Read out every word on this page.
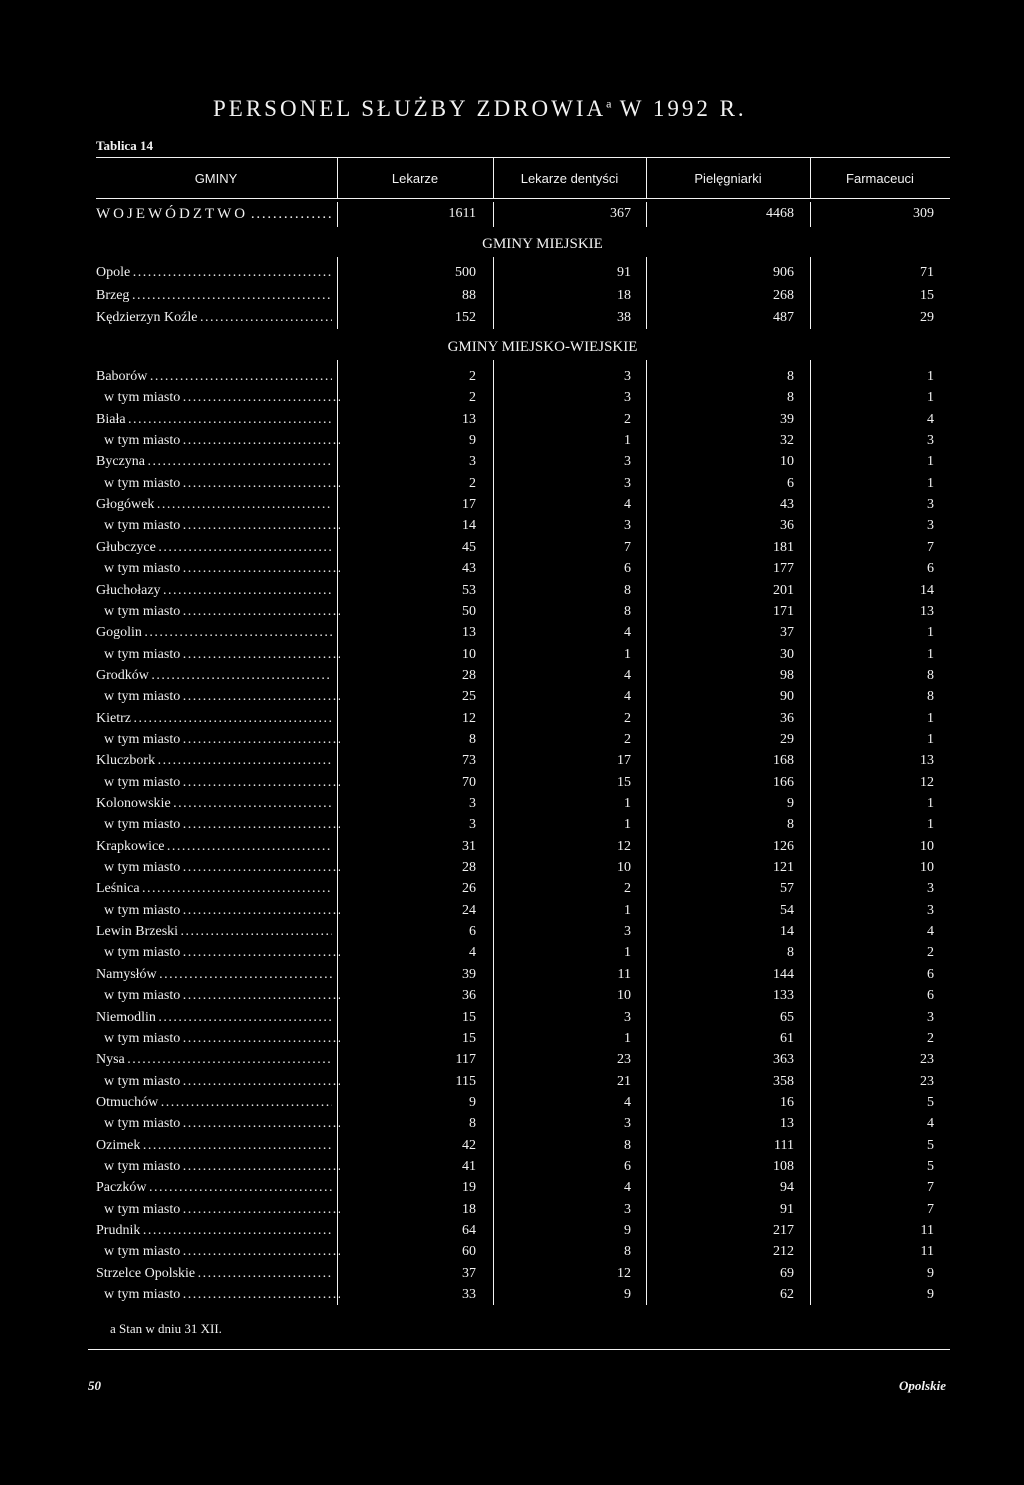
PERSONEL SŁUŻBY ZDROWIA$^a$ W 1992 R.
Tablica 14
GMINY	Lekarze	Lekarze dentyści	Pielęgniarki	Farmaceuci
WOJEWÓDZTWO . . .	1611	367	4468	309
GMINY MIEJSKIE
Opole . . .	500	91	906	71
Brzeg . . .	88	18	268	15
Kędzierzyn Koźle . . .	152	38	487	29
GMINY MIEJSKO-WIEJSKIE
Baborów . . .	2	3	8	1
w tym miasto . . .	2	3	8	1
Biała . . .	13	2	39	4
w tym miasto . . .	9	1	32	3
Byczyna . . .	3	3	10	1
w tym miasto . . .	2	3	6	1
Głogówek . . .	17	4	43	3
w tym miasto . . .	14	3	36	3
Głubczyce . . .	45	7	181	7
w tym miasto . . .	43	6	177	6
Głuchołazy . . .	53	8	201	14
w tym miasto . . .	50	8	171	13
Gogolin . . .	13	4	37	1
w tym miasto . . .	10	1	30	1
Grodków . . .	28	4	98	8
w tym miasto . . .	25	4	90	8
Kietrz . . .	12	2	36	1
w tym miasto . . .	8	2	29	1
Kluczbork . . .	73	17	168	13
w tym miasto . . .	70	15	166	12
Kolonowskie . . .	3	1	9	1
w tym miasto . . .	3	1	8	1
Krapkowice . . .	31	12	126	10
w tym miasto . . .	28	10	121	10
Leśnica . . .	26	2	57	3
w tym miasto . . .	24	1	54	3
Lewin Brzeski . . .	6	3	14	4
w tym miasto . . .	4	1	8	2
Namysłów . . .	39	11	144	6
w tym miasto . . .	36	10	133	6
Niemodlin . . .	15	3	65	3
w tym miasto . . .	15	1	61	2
Nysa . . .	117	23	363	23
w tym miasto . . .	115	21	358	23
Otmuchów . . .	9	4	16	5
w tym miasto . . .	8	3	13	4
Ozimek . . .	42	8	111	5
w tym miasto . . .	41	6	108	5
Paczków . . .	19	4	94	7
w tym miasto . . .	18	3	91	7
Prudnik . . .	64	9	217	11
w tym miasto . . .	60	8	212	11
Strzelce Opolskie . . .	37	12	69	9
w tym miasto . . .	33	9	62	9
a Stan w dniu 31 XII.
50	Opolskie
